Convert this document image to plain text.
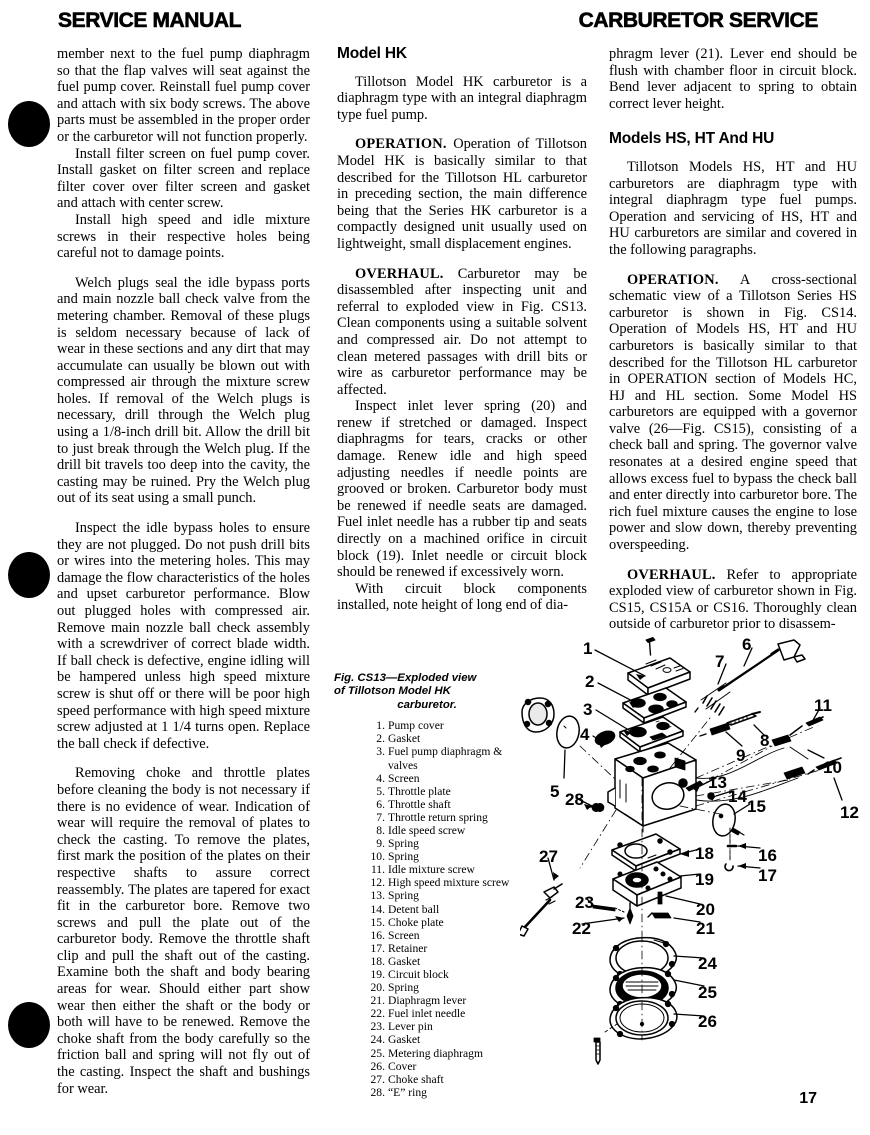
SERVICE MANUAL	CARBURETOR SERVICE

member next to the fuel pump diaphragm so that the flap valves will seat against the fuel pump cover. Reinstall fuel pump cover and attach with six body screws. The above parts must be assembled in the proper order or the carburetor will not function properly.

Install filter screen on fuel pump cover. Install gasket on filter screen and replace filter cover over filter screen and gasket and attach with center screw.

Install high speed and idle mixture screws in their respective holes being careful not to damage points.

Welch plugs seal the idle bypass ports and main nozzle ball check valve from the metering chamber. Removal of these plugs is seldom necessary because of lack of wear in these sections and any dirt that may accumulate can usually be blown out with compressed air through the mixture screw holes. If removal of the Welch plugs is necessary, drill through the Welch plug using a 1/8-inch drill bit. Allow the drill bit to just break through the Welch plug. If the drill bit travels too deep into the cavity, the casting may be ruined. Pry the Welch plug out of its seat using a small punch.

Inspect the idle bypass holes to ensure they are not plugged. Do not push drill bits or wires into the metering holes. This may damage the flow characteristics of the holes and upset carburetor performance. Blow out plugged holes with compressed air. Remove main nozzle ball check assembly with a screwdriver of correct blade width. If ball check is defective, engine idling will be hampered unless high speed mixture screw is shut off or there will be poor high speed performance with high speed mixture screw adjusted at 1 1/4 turns open. Replace the ball check if defective.

Removing choke and throttle plates before cleaning the body is not necessary if there is no evidence of wear. Indication of wear will require the removal of plates to check the casting. To remove the plates, first mark the position of the plates on their respective shafts to assure correct reassembly. The plates are tapered for exact fit in the carburetor bore. Remove two screws and pull the plate out of the carburetor body. Remove the throttle shaft clip and pull the shaft out of the casting. Examine both the shaft and body bearing areas for wear. Should either part show wear then either the shaft or the body or both will have to be renewed. Remove the choke shaft from the body carefully so the friction ball and spring will not fly out of the casting. Inspect the shaft and bushings for wear.

Model HK

Tillotson Model HK carburetor is a diaphragm type with an integral diaphragm type fuel pump.

OPERATION. Operation of Tillotson Model HK is basically similar to that described for the Tillotson HL carburetor in preceding section, the main difference being that the Series HK carburetor is a compactly designed unit usually used on lightweight, small displacement engines.

OVERHAUL. Carburetor may be disassembled after inspecting unit and referral to exploded view in Fig. CS13. Clean components using a suitable solvent and compressed air. Do not attempt to clean metered passages with drill bits or wire as carburetor performance may be affected.

Inspect inlet lever spring (20) and renew if stretched or damaged. Inspect diaphragms for tears, cracks or other damage. Renew idle and high speed adjusting needles if needle points are grooved or broken. Carburetor body must be renewed if needle seats are damaged. Fuel inlet needle has a rubber tip and seats directly on a machined orifice in circuit block (19). Inlet needle or circuit block should be renewed if excessively worn.

With circuit block components installed, note height of long end of dia-

phragm lever (21). Lever end should be flush with chamber floor in circuit block. Bend lever adjacent to spring to obtain correct lever height.

Models HS, HT And HU

Tillotson Models HS, HT and HU carburetors are diaphragm type with integral diaphragm type fuel pumps. Operation and servicing of HS, HT and HU carburetors are similar and covered in the following paragraphs.

OPERATION. A cross-sectional schematic view of a Tillotson Series HS carburetor is shown in Fig. CS14. Operation of Models HS, HT and HU carburetors is basically similar to that described for the Tillotson HL carburetor in OPERATION section of Models HC, HJ and HL section. Some Model HS carburetors are equipped with a governor valve (26—Fig. CS15), consisting of a check ball and spring. The governor valve resonates at a desired engine speed that allows excess fuel to bypass the check ball and enter directly into carburetor bore. The rich fuel mixture causes the engine to lose power and slow down, thereby preventing overspeeding.

OVERHAUL. Refer to appropriate exploded view of carburetor shown in Fig. CS15, CS15A or CS16. Thoroughly clean outside of carburetor prior to disassem-

Fig. CS13—Exploded view
of Tillotson Model HK
carburetor.
1. Pump cover
2. Gasket
3. Fuel pump diaphragm & valves
4. Screen
5. Throttle plate
6. Throttle shaft
7. Throttle return spring
8. Idle speed screw
9. Spring
10. Spring
11. Idle mixture screw
12. High speed mixture screw
13. Spring
14. Detent ball
15. Choke plate
16. Screen
17. Retainer
18. Gasket
19. Circuit block
20. Spring
21. Diaphragm lever
22. Fuel inlet needle
23. Lever pin
24. Gasket
25. Metering diaphragm
26. Cover
27. Choke shaft
28. “E” ring
1
2
3
4
5
6
7
8
9
10
11
12
13
14
15
16
17
18
19
20
21
22
23
24
25
26
27
28
17
